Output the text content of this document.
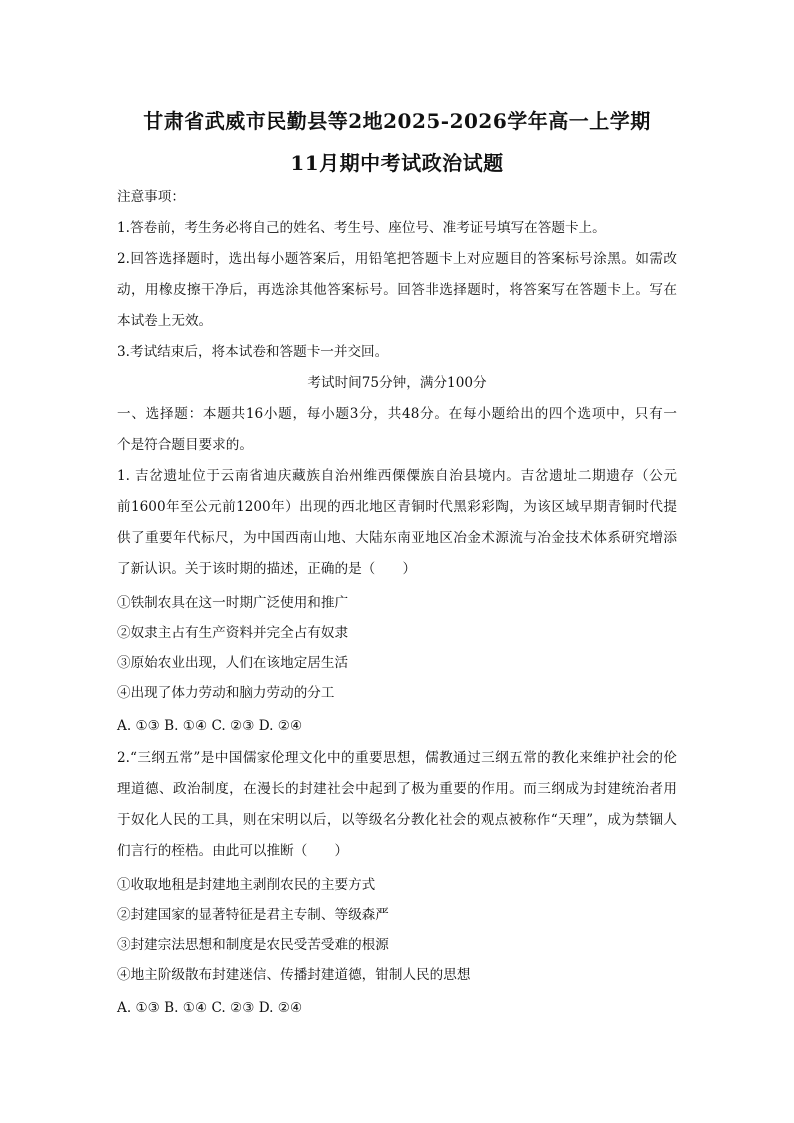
甘肃省武威市民勤县等2地2025-2026学年高一上学期
11月期中考试政治试题
注意事项：
1.答卷前，考生务必将自己的姓名、考生号、座位号、准考证号填写在答题卡上。
2.回答选择题时，选出每小题答案后，用铅笔把答题卡上对应题目的答案标号涂黑。如需改
动，用橡皮擦干净后，再选涂其他答案标号。回答非选择题时，将答案写在答题卡上。写在
本试卷上无效。
3.考试结束后，将本试卷和答题卡一并交回。
考试时间75分钟，满分100分
一、选择题：本题共16小题，每小题3分，共48分。在每小题给出的四个选项中，只有一
个是符合题目要求的。
1. 吉岔遗址位于云南省迪庆藏族自治州维西傈僳族自治县境内。吉岔遗址二期遗存（公元
前1600年至公元前1200年）出现的西北地区青铜时代黑彩彩陶，为该区域早期青铜时代提
供了重要年代标尺，为中国西南山地、大陆东南亚地区冶金术源流与冶金技术体系研究增添
了新认识。关于该时期的描述，正确的是（　　）
①铁制农具在这一时期广泛使用和推广
②奴隶主占有生产资料并完全占有奴隶
③原始农业出现，人们在该地定居生活
④出现了体力劳动和脑力劳动的分工
A. ①③ B. ①④ C. ②③ D. ②④
2.“三纲五常”是中国儒家伦理文化中的重要思想，儒教通过三纲五常的教化来维护社会的伦
理道德、政治制度，在漫长的封建社会中起到了极为重要的作用。而三纲成为封建统治者用
于奴化人民的工具，则在宋明以后，以等级名分教化社会的观点被称作“天理”，成为禁锢人
们言行的桎梏。由此可以推断（　　）
①收取地租是封建地主剥削农民的主要方式
②封建国家的显著特征是君主专制、等级森严
③封建宗法思想和制度是农民受苦受难的根源
④地主阶级散布封建迷信、传播封建道德，钳制人民的思想
A. ①③ B. ①④ C. ②③ D. ②④
